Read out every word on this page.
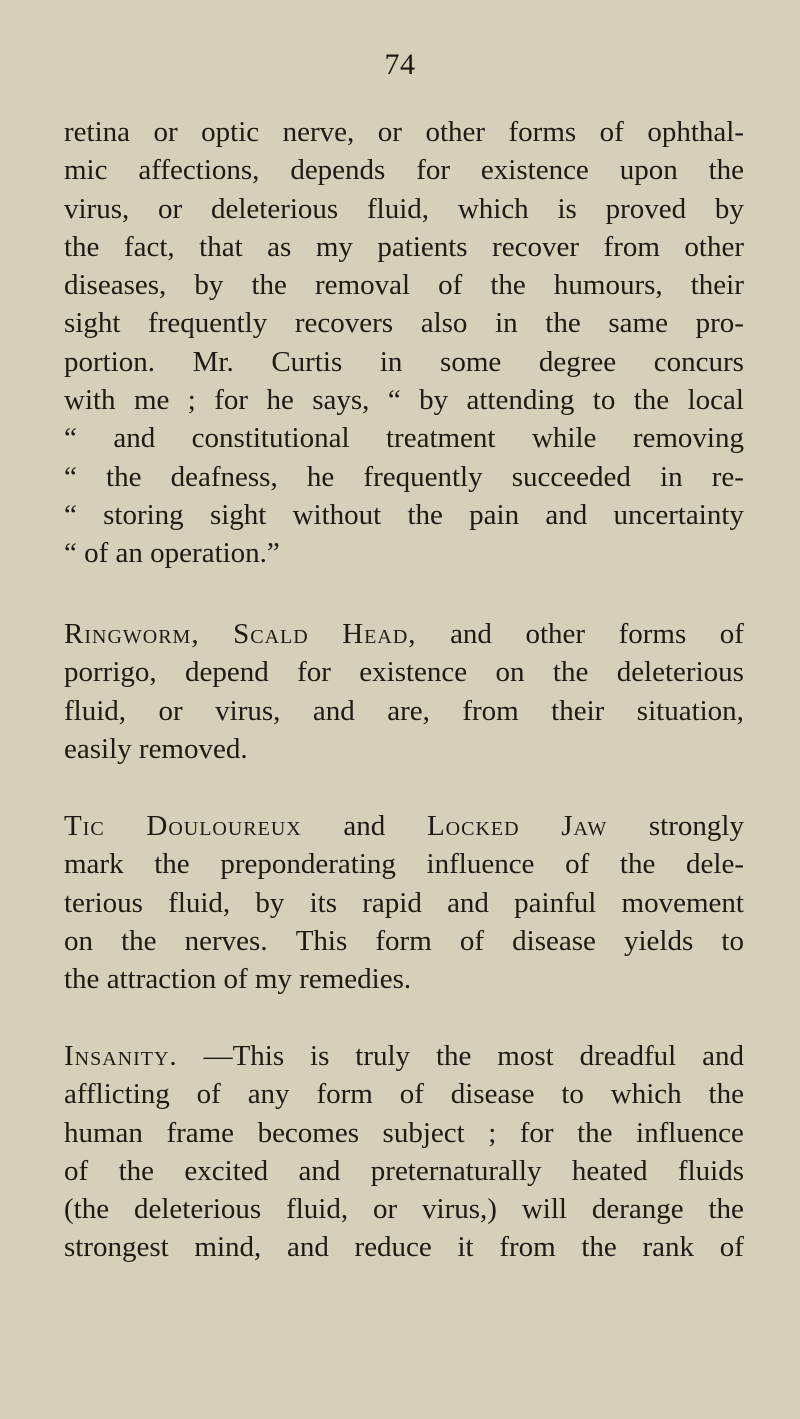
74
retina or optic nerve, or other forms of ophthal-
mic affections, depends for existence upon the
virus, or deleterious fluid, which is proved by
the fact, that as my patients recover from other
diseases, by the removal of the humours, their
sight frequently recovers also in the same pro-
portion. Mr. Curtis in some degree concurs
with me ; for he says, “ by attending to the local
“ and constitutional treatment while removing
“ the deafness, he frequently succeeded in re-
“ storing sight without the pain and uncertainty
“ of an operation.”
Ringworm, Scald Head, and other forms of
porrigo, depend for existence on the deleterious
fluid, or virus, and are, from their situation,
easily removed.
Tic Douloureux and Locked Jaw strongly
mark the preponderating influence of the dele-
terious fluid, by its rapid and painful movement
on the nerves. This form of disease yields to
the attraction of my remedies.
Insanity. —This is truly the most dreadful and
afflicting of any form of disease to which the
human frame becomes subject ; for the influence
of the excited and preternaturally heated fluids
(the deleterious fluid, or virus,) will derange the
strongest mind, and reduce it from the rank of
